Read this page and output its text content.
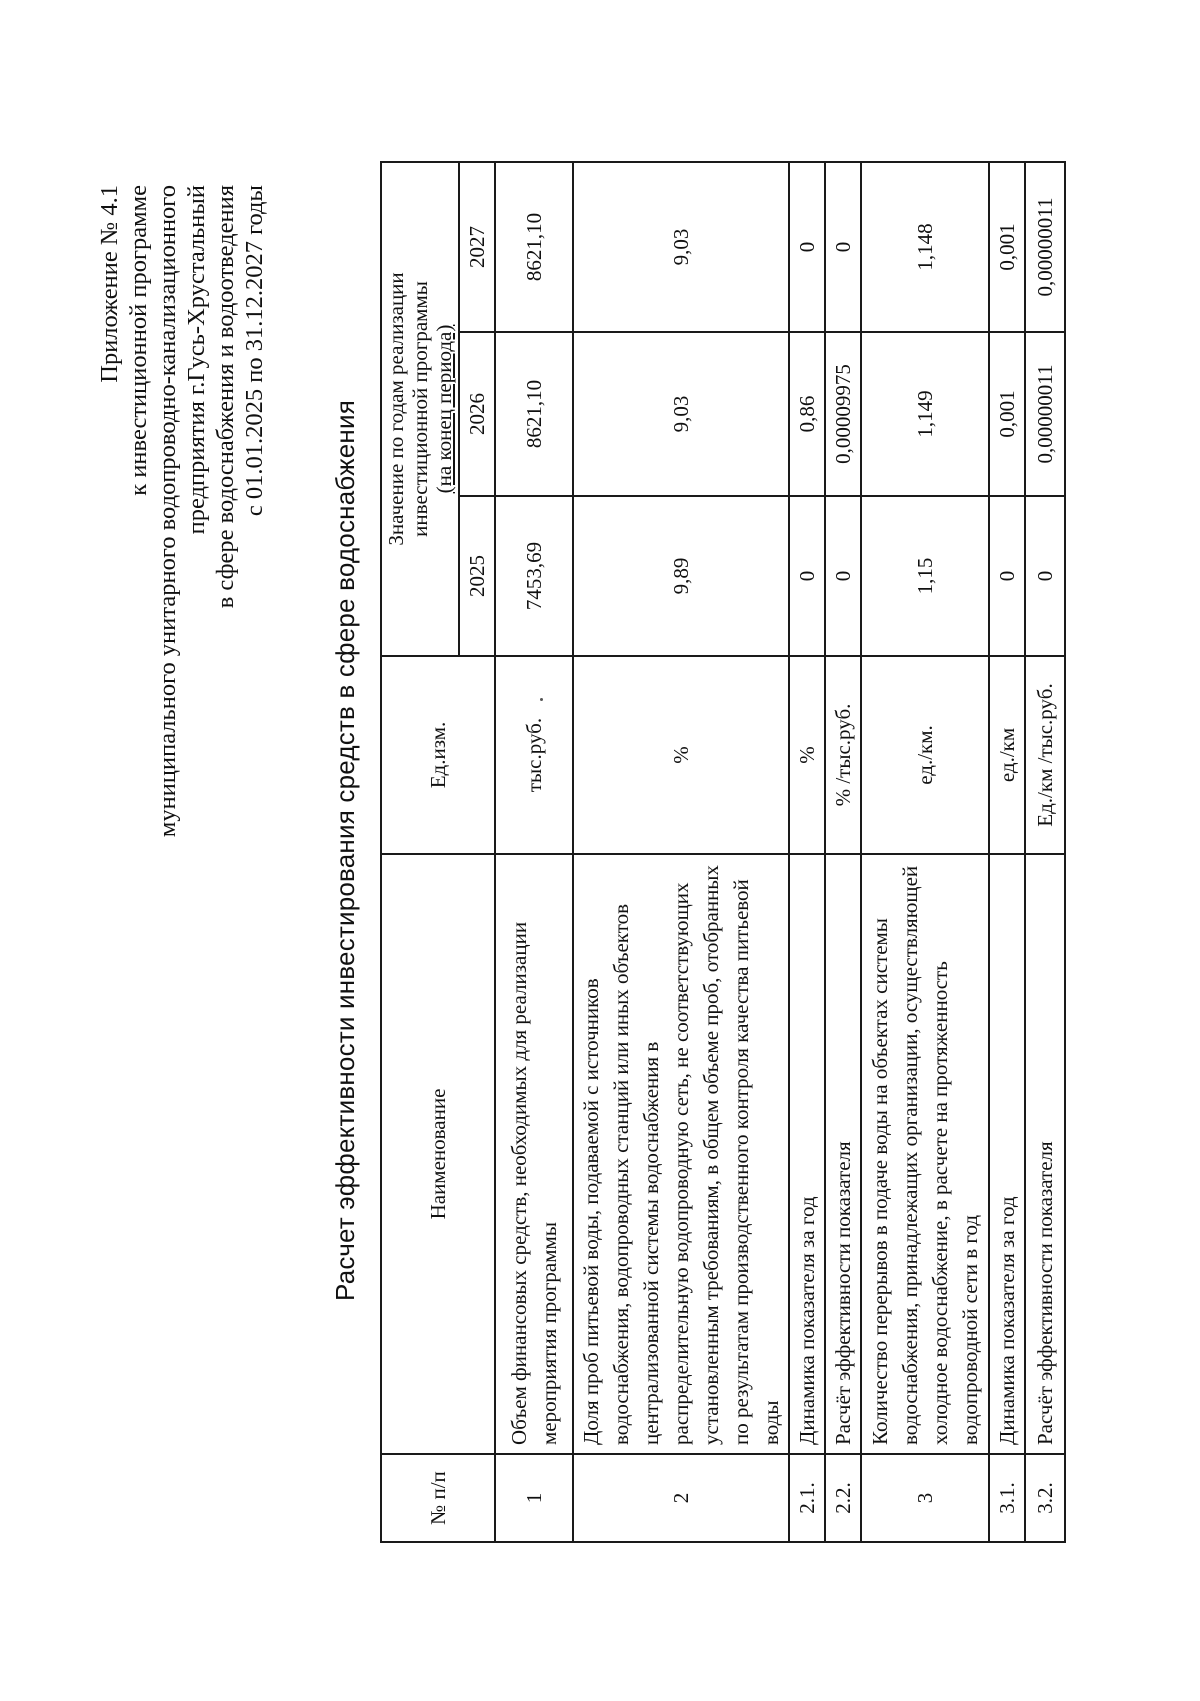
Приложение № 4.1 к инвестиционной программе муниципального унитарного водопроводно-канализационного предприятия г.Гусь-Хрустальный в сфере водоснабжения и водоотведения с 01.01.2025 по 31.12.2027 годы
Расчет эффективности инвестирования средств в сфере водоснабжения
№ п/п	Наименование	Ед.изм.	Значение по годам реализации инвестиционной программы (на конец периода)		

			2025	2026	2027
1	Объем финансовых средств, необходимых для реализации мероприятия программы	тыс.руб.	7453,69	8621,10	8621,10
2	Доля проб питьевой воды, подаваемой с источников водоснабжения, водопроводных станций или иных объектов централизованной системы водоснабжения в распределительную водопроводную сеть, не соответствующих установленным требованиям, в общем объеме проб, отобранных по результатам производственного контроля качества питьевой воды	%	9,89	9,03	9,03
2.1.	Динамика показателя за год	%	0	0,86	0
2.2.	Расчёт эффективности показателя	% /тыс.руб.	0	0,00009975	0
3	Количество перерывов в подаче воды на объектах системы водоснабжения, принадлежащих организации, осуществляющей холодное водоснабжение, в расчете на протяженность водопроводной сети в год	ед./км.	1,15	1,149	1,148
3.1.	Динамика показателя за год	ед./км	0	0,001	0,001
3.2.	Расчёт эффективности показателя	Ед./км /тыс.руб.	0	0,00000011	0,00000011
